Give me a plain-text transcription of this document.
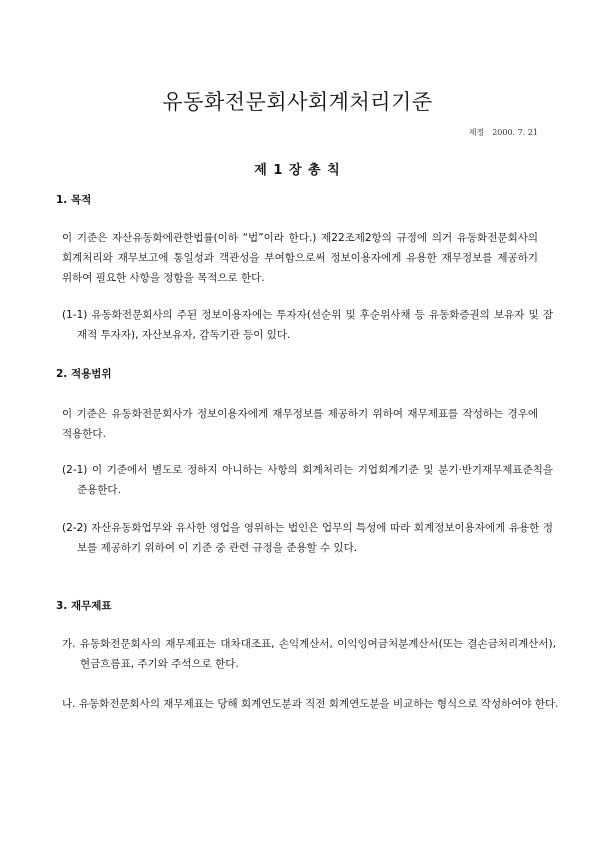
유동화전문회사회계처리기준
제정　2000. 7. 21
제 1 장 총 칙
1. 목적
이 기준은 자산유동화에관한법률(이하 “법”이라 한다.) 제22조제2항의 규정에 의거 유동화전문회사의 회계처리와 재무보고에 통일성과 객관성을 부여함으로써 정보이용자에게 유용한 재무정보를 제공하기 위하여 필요한 사항을 정함을 목적으로 한다.
(1-1) 유동화전문회사의 주된 정보이용자에는 투자자(선순위 및 후순위사채 등 유동화증권의 보유자 및 잠재적 투자자), 자산보유자, 감독기관 등이 있다.
2. 적용범위
이 기준은 유동화전문회사가 정보이용자에게 재무정보를 제공하기 위하여 재무제표를 작성하는 경우에 적용한다.
(2-1) 이 기준에서 별도로 정하지 아니하는 사항의 회계처리는 기업회계기준 및 분기·반기재무제표준칙을 준용한다.
(2-2) 자산유동화업무와 유사한 영업을 영위하는 법인은 업무의 특성에 따라 회계정보이용자에게 유용한 정보를 제공하기 위하여 이 기준 중 관련 규정을 준용할 수 있다.
3. 재무제표
가. 유동화전문회사의 재무제표는 대차대조표, 손익계산서, 이익잉여금처분계산서(또는 결손금처리계산서), 현금흐름표, 주기와 주석으로 한다.
나. 유동화전문회사의 재무제표는 당해 회계연도분과 직전 회계연도분을 비교하는 형식으로 작성하여야 한다.
